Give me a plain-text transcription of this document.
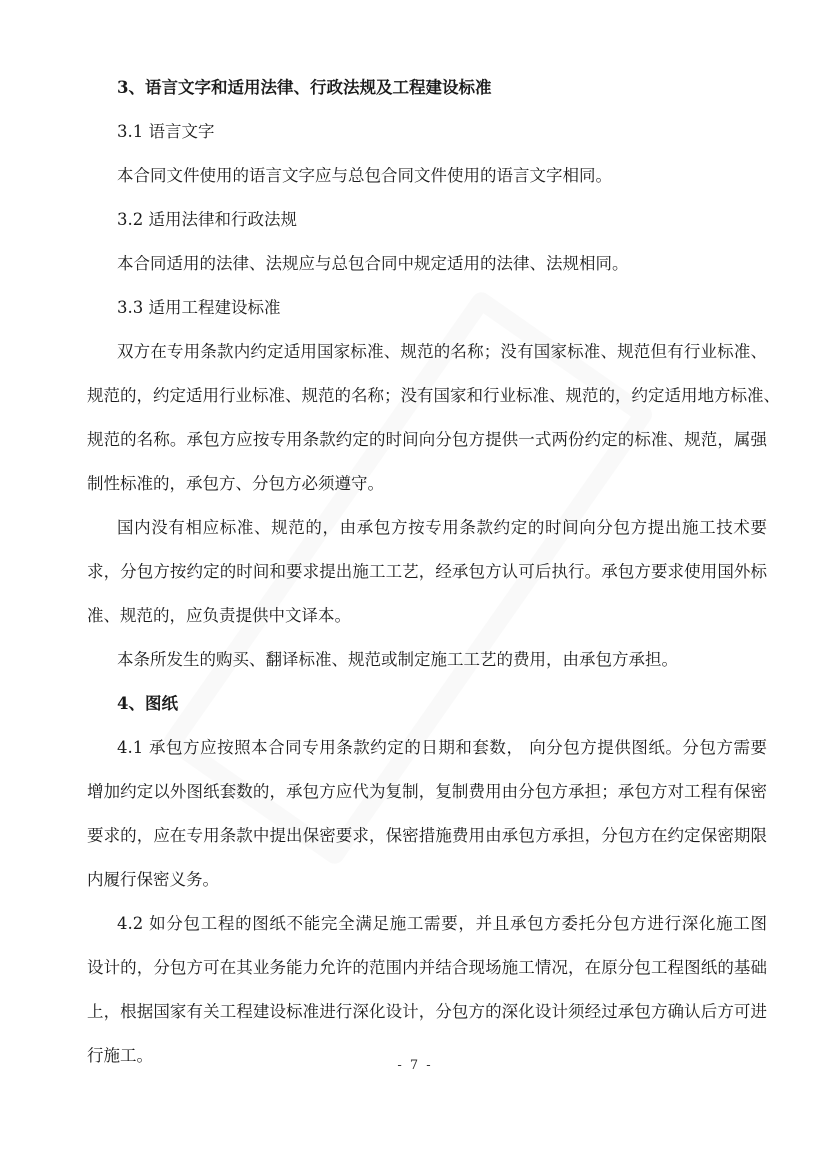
3、语言文字和适用法律、行政法规及工程建设标准
3.1 语言文字
本合同文件使用的语言文字应与总包合同文件使用的语言文字相同。
3.2 适用法律和行政法规
本合同适用的法律、法规应与总包合同中规定适用的法律、法规相同。
3.3 适用工程建设标准
双方在专用条款内约定适用国家标准、规范的名称；没有国家标准、规范但有行业标准、
规范的，约定适用行业标准、规范的名称；没有国家和行业标准、规范的，约定适用地方标准、
规范的名称。承包方应按专用条款约定的时间向分包方提供一式两份约定的标准、规范，属强
制性标准的，承包方、分包方必须遵守。
国内没有相应标准、规范的，由承包方按专用条款约定的时间向分包方提出施工技术要
求，分包方按约定的时间和要求提出施工工艺，经承包方认可后执行。承包方要求使用国外标
准、规范的，应负责提供中文译本。
本条所发生的购买、翻译标准、规范或制定施工工艺的费用，由承包方承担。
4、图纸
4.1 承包方应按照本合同专用条款约定的日期和套数， 向分包方提供图纸。分包方需要
增加约定以外图纸套数的，承包方应代为复制，复制费用由分包方承担；承包方对工程有保密
要求的，应在专用条款中提出保密要求，保密措施费用由承包方承担，分包方在约定保密期限
内履行保密义务。
4.2 如分包工程的图纸不能完全满足施工需要，并且承包方委托分包方进行深化施工图
设计的，分包方可在其业务能力允许的范围内并结合现场施工情况，在原分包工程图纸的基础
上，根据国家有关工程建设标准进行深化设计，分包方的深化设计须经过承包方确认后方可进
行施工。
- 7 -
